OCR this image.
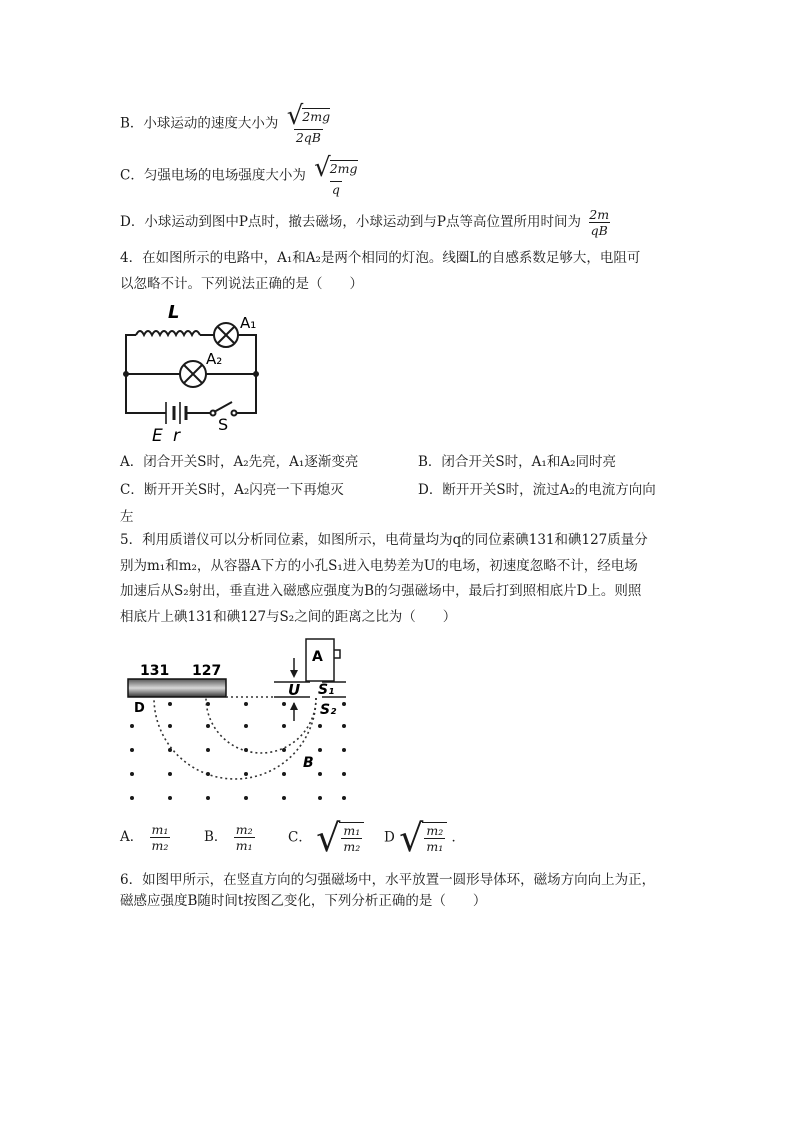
B．小球运动的速度大小为 $\frac{√ 2mg}{2qB}$
C．匀强电场的电场强度大小为 $\frac{√ 2mg}{q}$
D．小球运动到图中P点时，撤去磁场，小球运动到与P点等高位置所用时间为 $\frac{2m}{qB}$
4．在如图所示的电路中，A₁和A₂是两个相同的灯泡。线圈L的自感系数足够大，电阻可
以忽略不计。下列说法正确的是（　　）
L	A₁
A₂
E r
S
A．闭合开关S时，A₂先亮，A₁逐渐变亮	B．闭合开关S时，A₁和A₂同时亮
C．断开开关S时，A₂闪亮一下再熄灭	D．断开开关S时，流过A₂的电流方向向
左
5．利用质谱仪可以分析同位素，如图所示，电荷量均为q的同位素碘131和碘127质量分
别为m₁和m₂，从容器A下方的小孔S₁进入电势差为U的电场，初速度忽略不计，经电场
加速后从S₂射出，垂直进入磁感应强度为B的匀强磁场中，最后打到照相底片D上。则照
相底片上碘131和碘127与S₂之间的距离之比为（　　）
131 127
A
U S₁
S₂
D
B
A． $\frac{\text{m₁}}{\text{m₂}}$ B． $\frac{\text{m₂}}{\text{m₁}}$ C． √ $\frac{\text{m₁}}{\text{m₂}}$ D √ $\frac{\text{m₂}}{\text{m₁}}$ ．
6．如图甲所示，在竖直方向的匀强磁场中，水平放置一圆形导体环，磁场方向向上为正，
磁感应强度B随时间t按图乙变化，下列分析正确的是（　　）
